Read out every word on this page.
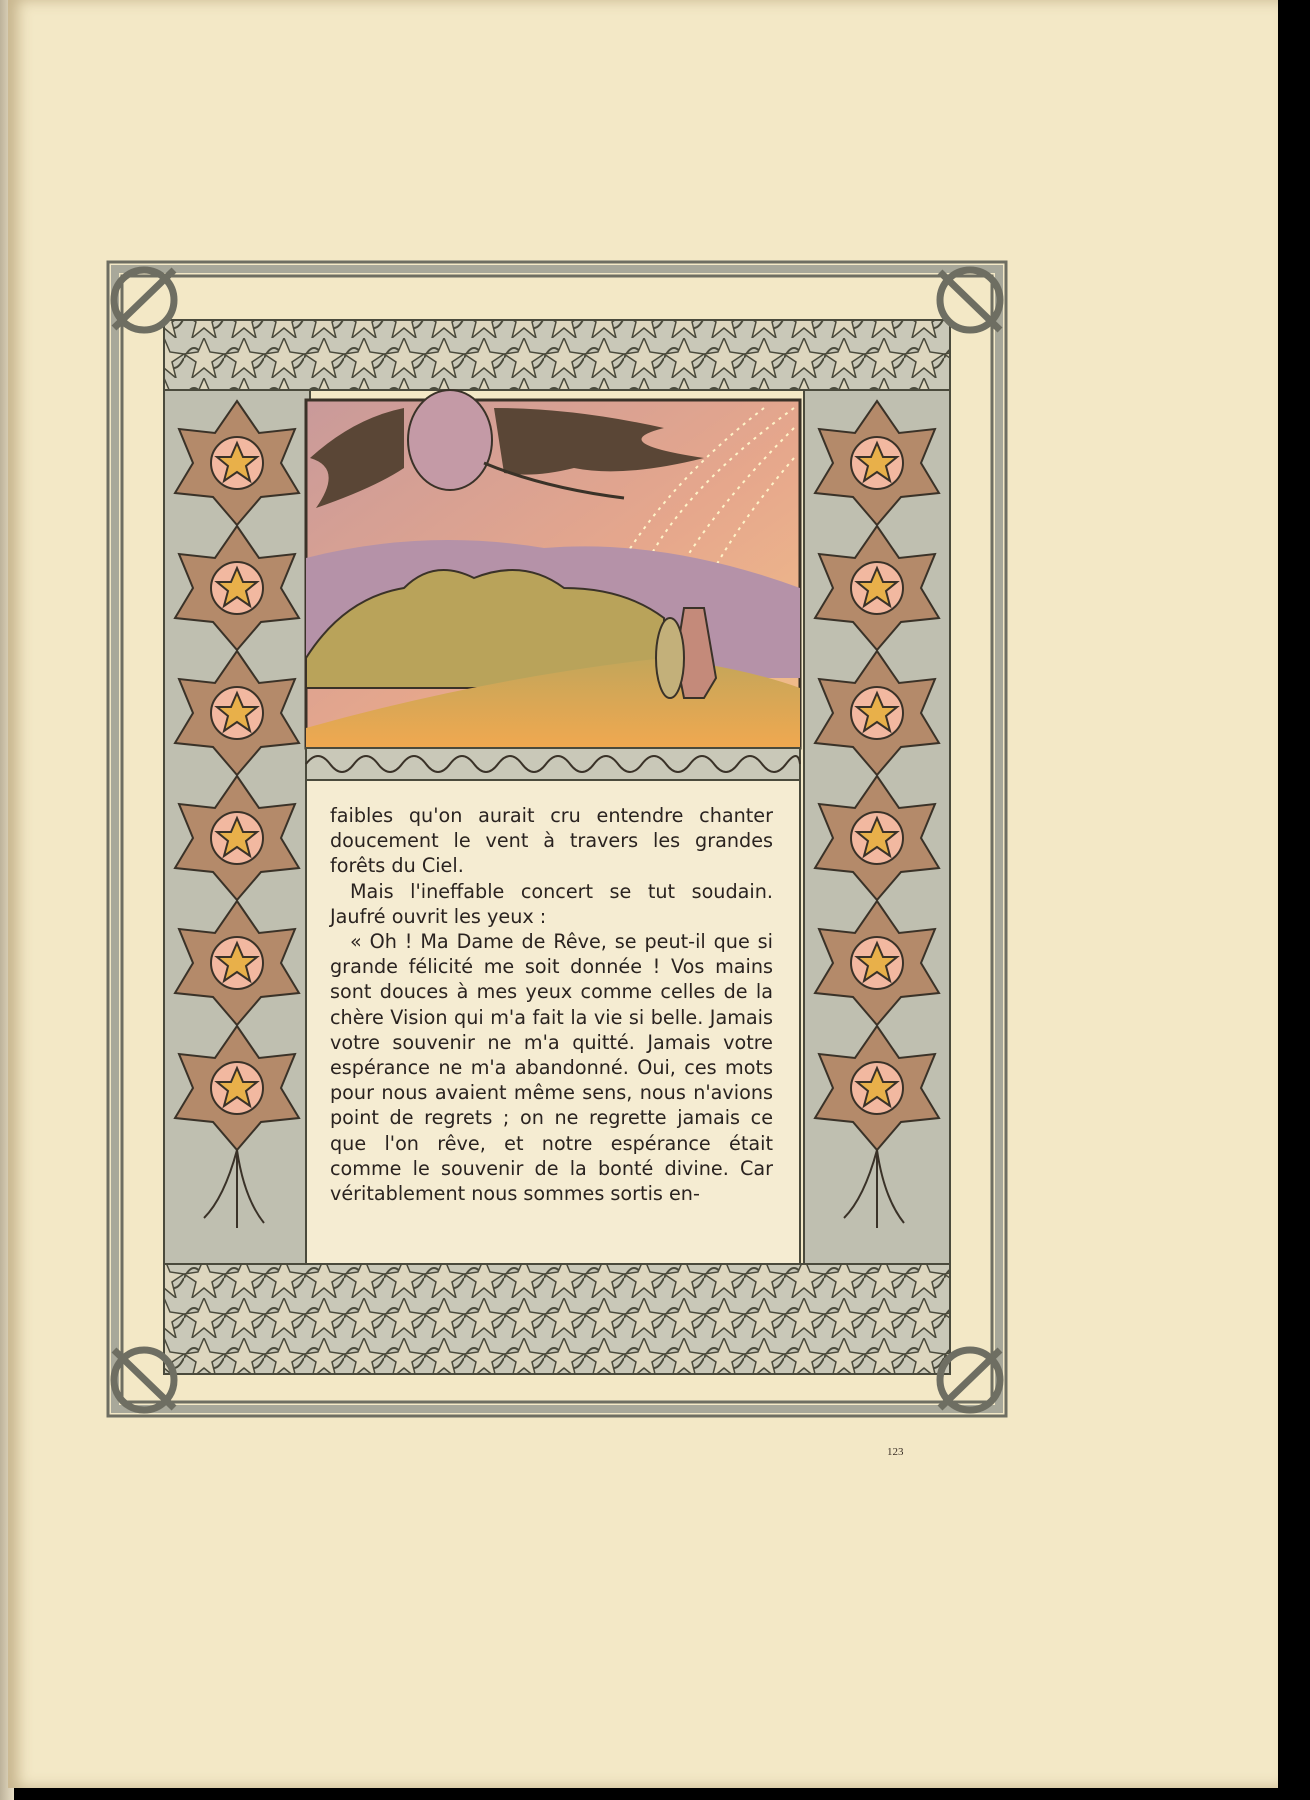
faibles qu'on aurait cru entendre chanter doucement le vent à travers les grandes forêts du Ciel.

Mais l'ineffable concert se tut soudain. Jaufré ouvrit les yeux :

« Oh ! Ma Dame de Rêve, se peut-il que si grande félicité me soit donnée ! Vos mains sont douces à mes yeux comme celles de la chère Vision qui m'a fait la vie si belle. Jamais votre souvenir ne m'a quitté. Jamais votre espérance ne m'a abandonné. Oui, ces mots pour nous avaient même sens, nous n'avions point de regrets ; on ne regrette jamais ce que l'on rêve, et notre espérance était comme le souvenir de la bonté divine. Car véritablement nous sommes sortis en-

123
